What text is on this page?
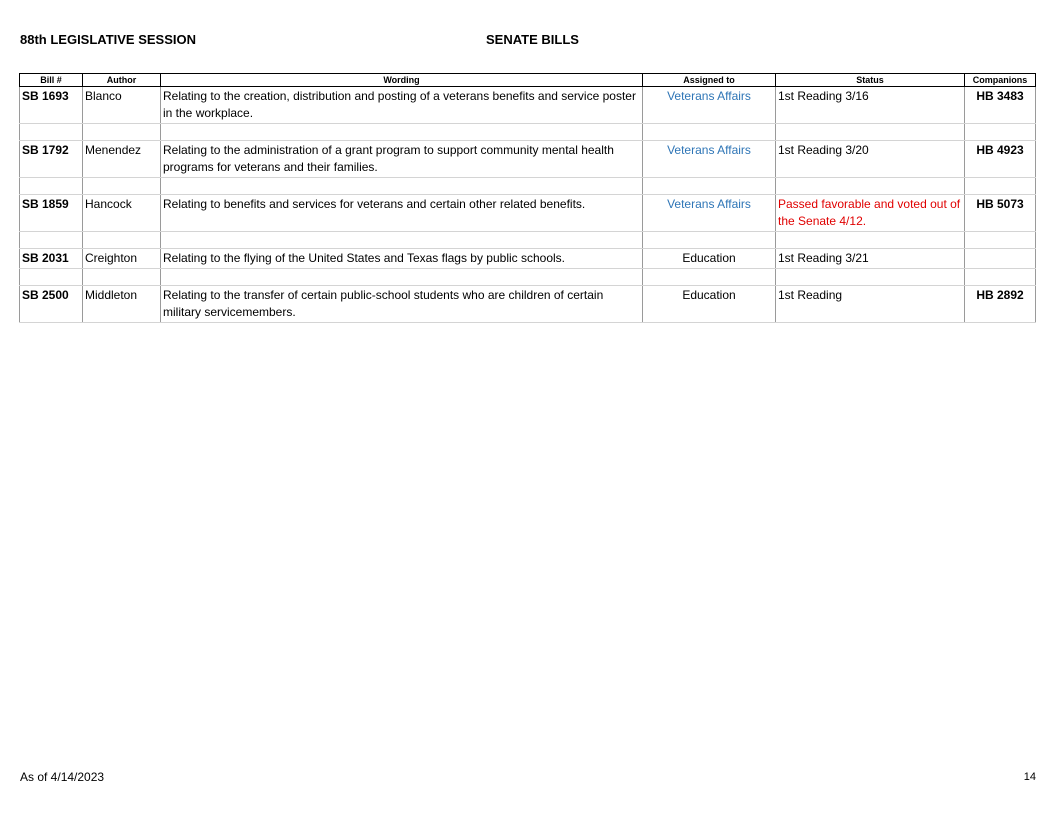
88th LEGISLATIVE SESSION	SENATE BILLS
Bill #	Author	Wording	Assigned to	Status	Companions
SB 1693	Blanco	Relating to the creation, distribution and posting of a veterans benefits and service poster in the workplace.	Veterans Affairs	1st Reading 3/16	HB 3483

SB 1792	Menendez	Relating to the administration of a grant program to support community mental health programs for veterans and their families.	Veterans Affairs	1st Reading 3/20	HB 4923

SB 1859	Hancock	Relating to benefits and services for veterans and certain other related benefits.	Veterans Affairs	Passed favorable and voted out of the Senate 4/12.	HB 5073

SB 2031	Creighton	Relating to the flying of the United States and Texas flags by public schools.	Education	1st Reading 3/21	

SB 2500	Middleton	Relating to the transfer of certain public-school students who are children of certain military servicemembers.	Education	1st Reading	HB 2892
As of 4/14/2023	14
